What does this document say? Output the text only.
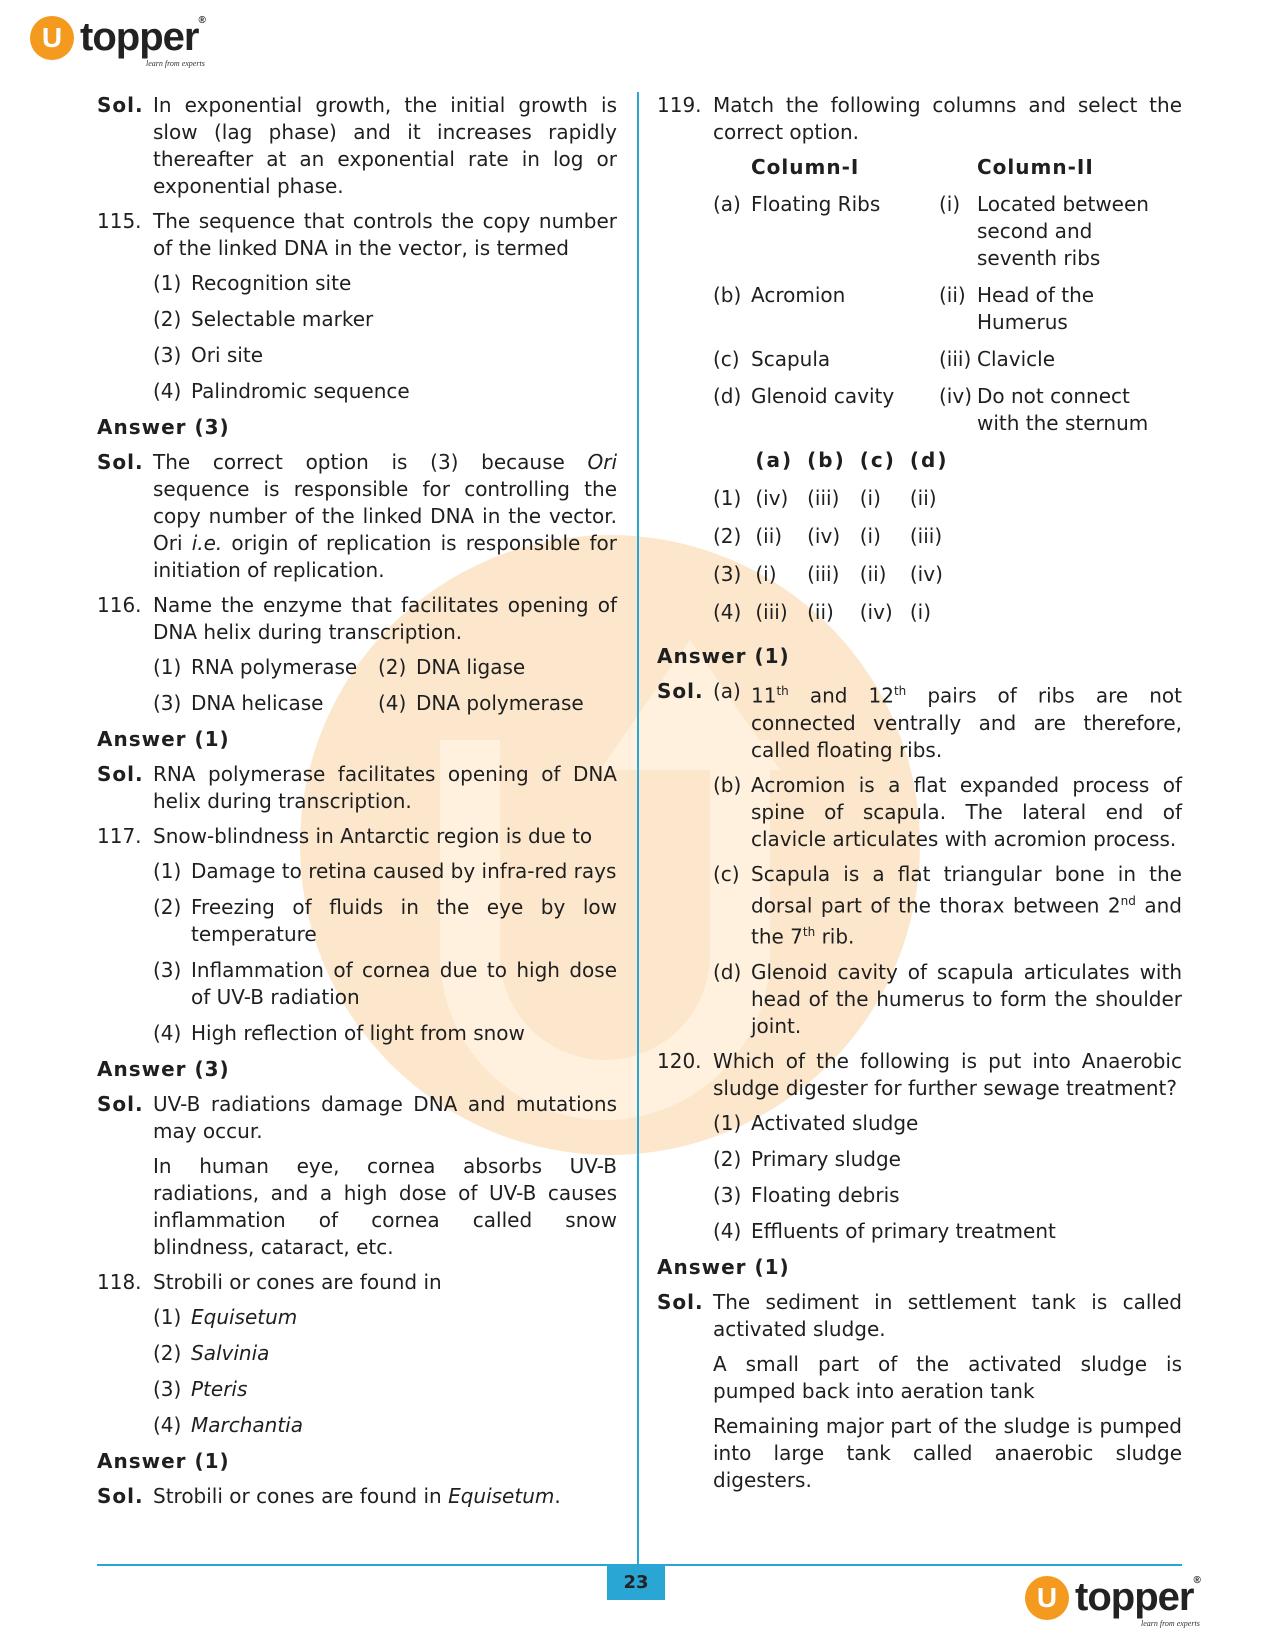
U topper®
learn from experts
Sol. In exponential growth, the initial growth is slow (lag phase) and it increases rapidly thereafter at an exponential rate in log or exponential phase.
115. The sequence that controls the copy number of the linked DNA in the vector, is termed
(1) Recognition site
(2) Selectable marker
(3) Ori site
(4) Palindromic sequence
Answer (3)
Sol. The correct option is (3) because Ori sequence is responsible for controlling the copy number of the linked DNA in the vector. Ori i.e. origin of replication is responsible for initiation of replication.
116. Name the enzyme that facilitates opening of DNA helix during transcription.
(1) RNA polymerase (2) DNA ligase
(3) DNA helicase	(4) DNA polymerase
Answer (1)
Sol. RNA polymerase facilitates opening of DNA helix during transcription.
117. Snow-blindness in Antarctic region is due to
(1) Damage to retina caused by infra-red rays
(2) Freezing of fluids in the eye by low temperature
(3) Inflammation of cornea due to high dose of UV-B radiation
(4) High reflection of light from snow
Answer (3)
Sol. UV-B radiations damage DNA and mutations may occur.
In human eye, cornea absorbs UV-B radiations, and a high dose of UV-B causes inflammation of cornea called snow blindness, cataract, etc.
118. Strobili or cones are found in
(1) Equisetum
(2) Salvinia
(3) Pteris
(4) Marchantia
Answer (1)
Sol. Strobili or cones are found in Equisetum.
119. Match the following columns and select the correct option.
	Column-I		Column-II
(a)	Floating Ribs	(i)	Located between second and seventh ribs
(b)	Acromion	(ii)	Head of the Humerus
(c)	Scapula	(iii)	Clavicle
(d)	Glenoid cavity	(iv)	Do not connect with the sternum
	(a)	(b)	(c)	(d)
(1)	(iv)	(iii)	(i)	(ii)
(2)	(ii)	(iv)	(i)	(iii)
(3)	(i)	(iii)	(ii)	(iv)
(4)	(iii)	(ii)	(iv)	(i)
Answer (1)
Sol. (a) 11th and 12th pairs of ribs are not connected ventrally and are therefore, called floating ribs.
(b) Acromion is a flat expanded process of spine of scapula. The lateral end of clavicle articulates with acromion process.
(c) Scapula is a flat triangular bone in the dorsal part of the thorax between 2nd and the 7th rib.
(d) Glenoid cavity of scapula articulates with head of the humerus to form the shoulder joint.
120. Which of the following is put into Anaerobic sludge digester for further sewage treatment?
(1) Activated sludge
(2) Primary sludge
(3) Floating debris
(4) Effluents of primary treatment
Answer (1)
Sol. The sediment in settlement tank is called activated sludge.
A small part of the activated sludge is pumped back into aeration tank
Remaining major part of the sludge is pumped into large tank called anaerobic sludge digesters.
23	U topper®
learn from experts
